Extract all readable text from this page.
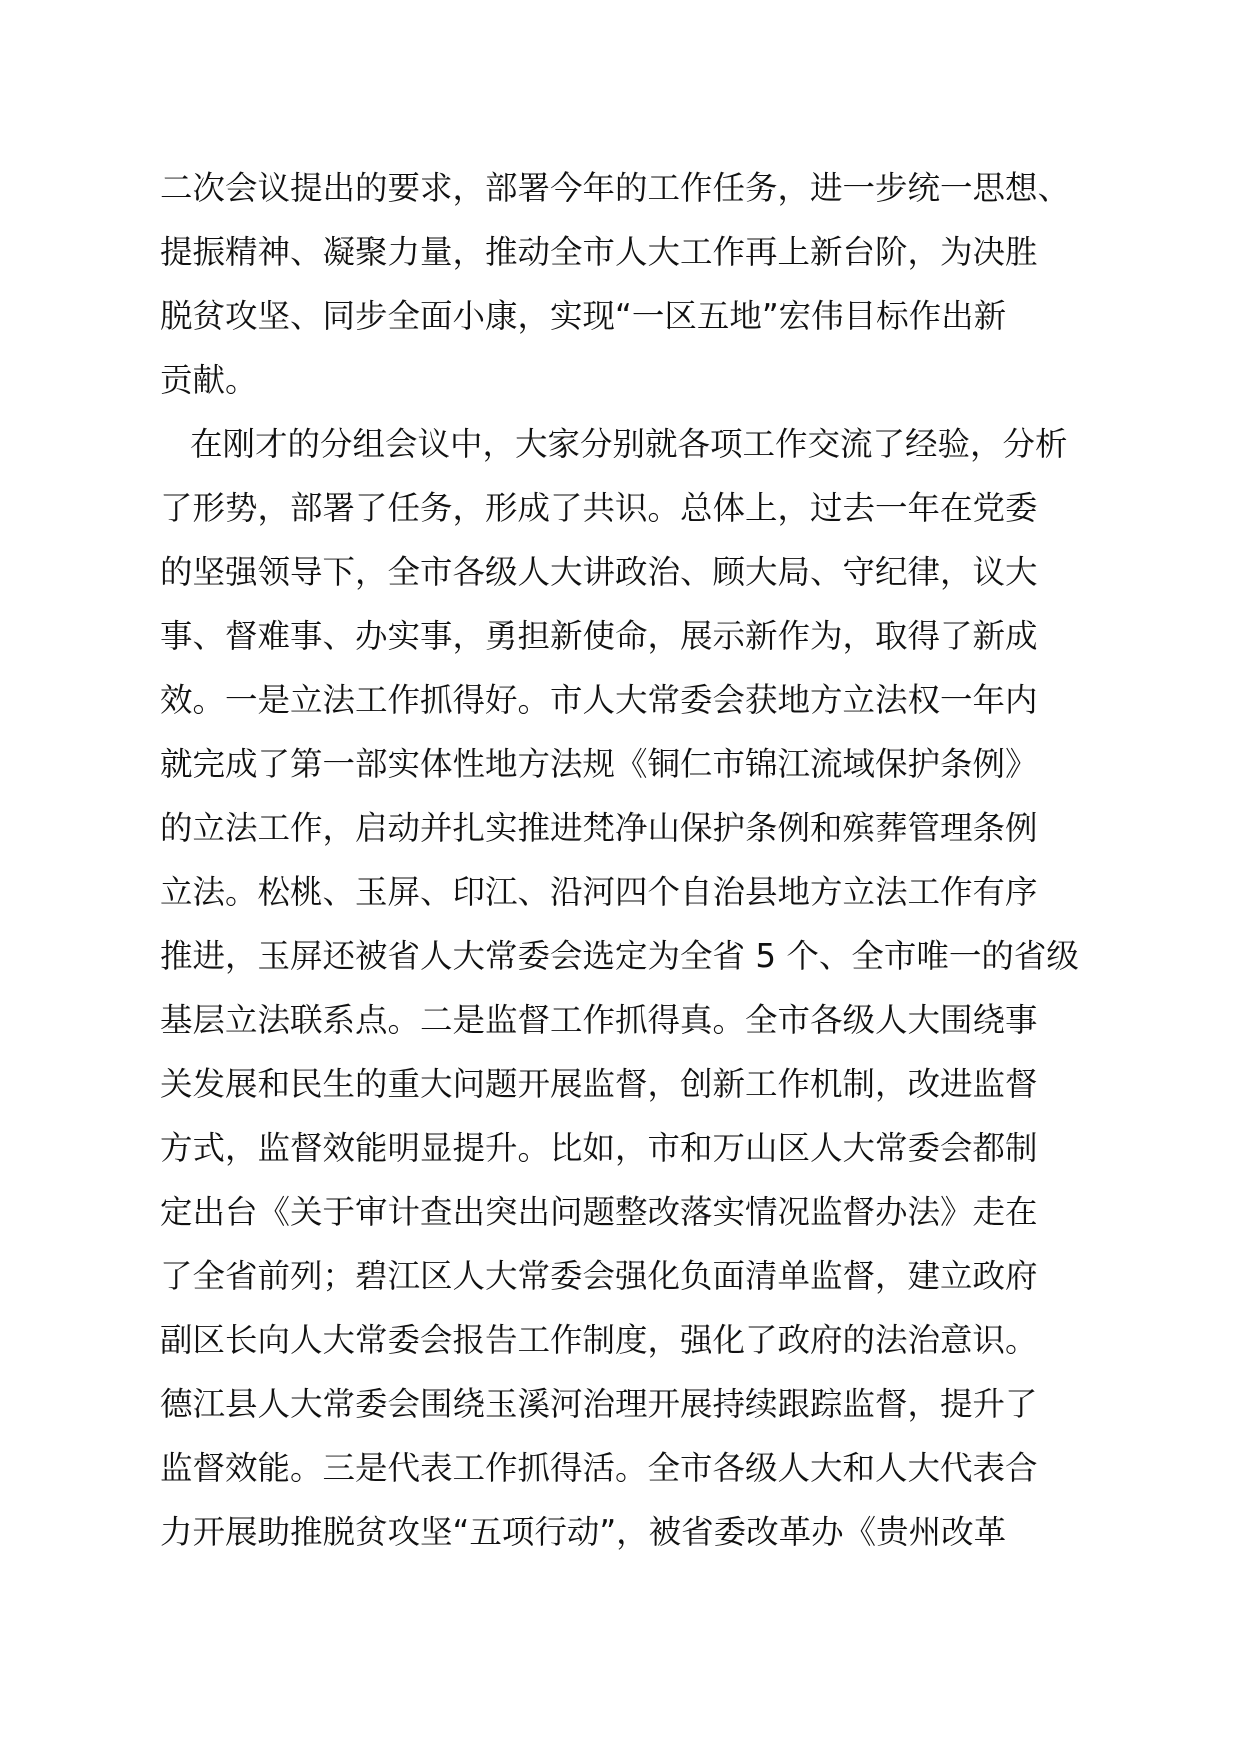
二次会议提出的要求，部署今年的工作任务，进一步统一思想、
提振精神、凝聚力量，推动全市人大工作再上新台阶，为决胜
脱贫攻坚、同步全面小康，实现“一区五地”宏伟目标作出新
贡献。
在刚才的分组会议中，大家分别就各项工作交流了经验，分析
了形势，部署了任务，形成了共识。总体上，过去一年在党委
的坚强领导下，全市各级人大讲政治、顾大局、守纪律，议大
事、督难事、办实事，勇担新使命，展示新作为，取得了新成
效。一是立法工作抓得好。市人大常委会获地方立法权一年内
就完成了第一部实体性地方法规《铜仁市锦江流域保护条例》
的立法工作，启动并扎实推进梵净山保护条例和殡葬管理条例
立法。松桃、玉屏、印江、沿河四个自治县地方立法工作有序
推进，玉屏还被省人大常委会选定为全省 5 个、全市唯一的省级
基层立法联系点。二是监督工作抓得真。全市各级人大围绕事
关发展和民生的重大问题开展监督，创新工作机制，改进监督
方式，监督效能明显提升。比如，市和万山区人大常委会都制
定出台《关于审计查出突出问题整改落实情况监督办法》走在
了全省前列；碧江区人大常委会强化负面清单监督，建立政府
副区长向人大常委会报告工作制度，强化了政府的法治意识。
德江县人大常委会围绕玉溪河治理开展持续跟踪监督，提升了
监督效能。三是代表工作抓得活。全市各级人大和人大代表合
力开展助推脱贫攻坚“五项行动”，被省委改革办《贵州改革
